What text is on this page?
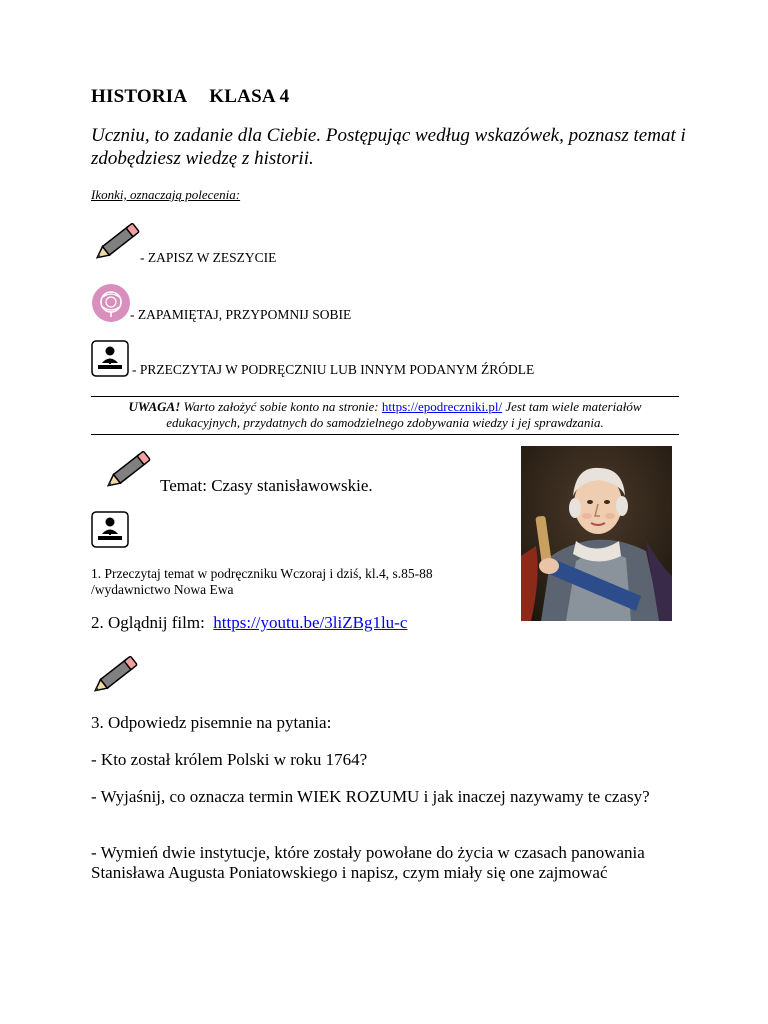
HISTORIA KLASA 4
Uczniu, to zadanie dla Ciebie. Postępując według wskazówek, poznasz temat i zdobędziesz wiedzę z historii.
Ikonki, oznaczają polecenia:
- ZAPISZ W ZESZYCIE
- ZAPAMIĘTAJ, PRZYPOMNIJ SOBIE
- PRZECZYTAJ W PODRĘCZNIU LUB INNYM PODANYM ŹRÓDLE
UWAGA! Warto założyć sobie konto na stronie: https://epodreczniki.pl/ Jest tam wiele materiałów edukacyjnych, przydatnych do samodzielnego zdobywania wiedzy i jej sprawdzania.
Temat: Czasy stanisławowskie.
1. Przeczytaj temat w podręczniku Wczoraj i dziś, kl.4, s.85-88 /wydawnictwo Nowa Ewa
2. Oglądnij film: https://youtu.be/3liZBg1lu-c
3. Odpowiedz pisemnie na pytania:
- Kto został królem Polski w roku 1764?
- Wyjaśnij, co oznacza termin WIEK ROZUMU i jak inaczej nazywamy te czasy?
- Wymień dwie instytucje, które zostały powołane do życia w czasach panowania Stanisława Augusta Poniatowskiego i napisz, czym miały się one zajmować
